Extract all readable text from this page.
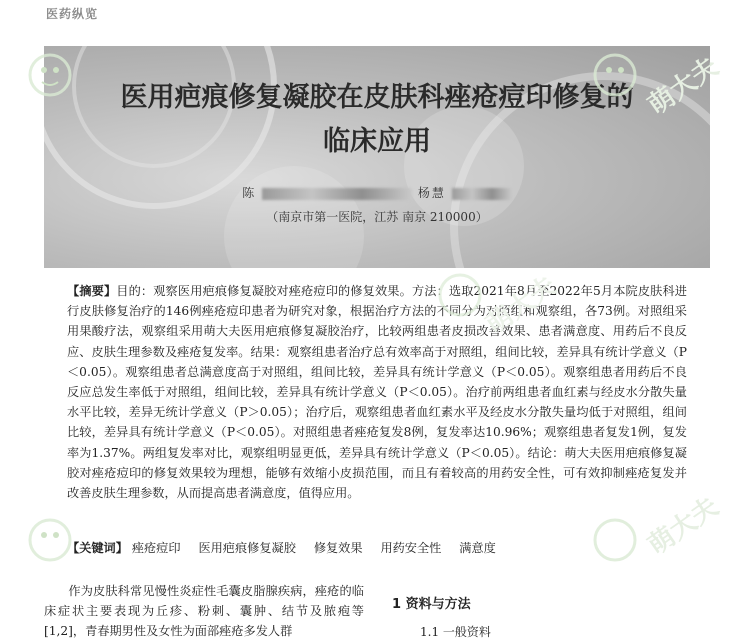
医药纵览
医用疤痕修复凝胶在皮肤科痤疮痘印修复的
临床应用
陈	杨慧
（南京市第一医院，江苏 南京 210000）
【摘要】目的：观察医用疤痕修复凝胶对痤疮痘印的修复效果。方法：选取2021年8月至2022年5月本院皮肤科进行皮肤修复治疗的146例痤疮痘印患者为研究对象，根据治疗方法的不同分为对照组和观察组，各73例。对照组采用果酸疗法，观察组采用萌大夫医用疤痕修复凝胶治疗，比较两组患者皮损改善效果、患者满意度、用药后不良反应、皮肤生理参数及痤疮复发率。结果：观察组患者治疗总有效率高于对照组，组间比较，差异具有统计学意义（P＜0.05）。观察组患者总满意度高于对照组，组间比较，差异具有统计学意义（P＜0.05）。观察组患者用药后不良反应总发生率低于对照组，组间比较，差异具有统计学意义（P＜0.05）。治疗前两组患者血红素与经皮水分散失量水平比较，差异无统计学意义（P＞0.05）；治疗后，观察组患者血红素水平及经皮水分散失量均低于对照组，组间比较，差异具有统计学意义（P＜0.05）。对照组患者痤疮复发8例，复发率达10.96%；观察组患者复发1例，复发率为1.37%。两组复发率对比，观察组明显更低，差异具有统计学意义（P＜0.05）。结论：萌大夫医用疤痕修复凝胶对痤疮痘印的修复效果较为理想，能够有效缩小皮损范围，而且有着较高的用药安全性，可有效抑制痤疮复发并改善皮肤生理参数，从而提高患者满意度，值得应用。
【关键词】 痤疮痘印 医用疤痕修复凝胶 修复效果 用药安全性 满意度
作为皮肤科常见慢性炎症性毛囊皮脂腺疾病，痤疮的临床症状主要表现为丘疹、粉刺、囊肿、结节及脓疱等[1,2]，青春期男性及女性为面部痤疮多发人群
1 资料与方法
1.1 一般资料
萌大夫
萌大夫
萌大夫
